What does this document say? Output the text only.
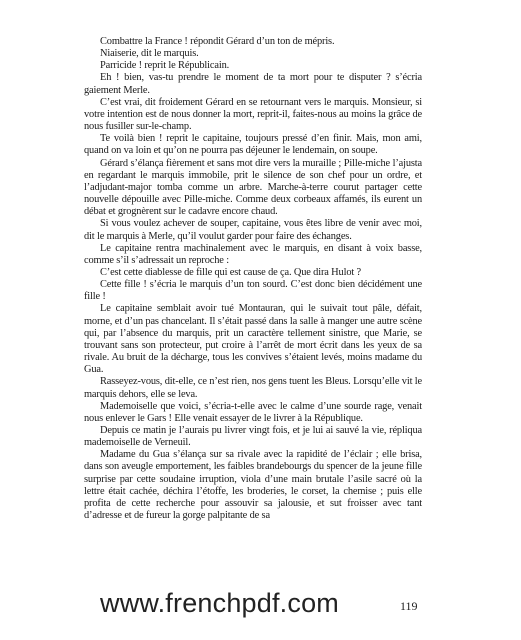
Combattre la France ! répondit Gérard d’un ton de mépris.

Niaiserie, dit le marquis.

Parricide ! reprit le Républicain.

Eh ! bien, vas-tu prendre le moment de ta mort pour te disputer ? s’écria gaiement Merle.

C’est vrai, dit froidement Gérard en se retournant vers le marquis. Monsieur, si votre intention est de nous donner la mort, reprit-il, faites-nous au moins la grâce de nous fusiller sur-le-champ.

Te voilà bien ! reprit le capitaine, toujours pressé d’en finir. Mais, mon ami, quand on va loin et qu’on ne pourra pas déjeuner le lendemain, on soupe.

Gérard s’élança fièrement et sans mot dire vers la muraille ; Pille-miche l’ajusta en regardant le marquis immobile, prit le silence de son chef pour un ordre, et l’adjudant-major tomba comme un arbre. Marche-à-terre courut partager cette nouvelle dépouille avec Pille-miche. Comme deux corbeaux affamés, ils eurent un débat et grognèrent sur le cadavre encore chaud.

Si vous voulez achever de souper, capitaine, vous êtes libre de venir avec moi, dit le marquis à Merle, qu’il voulut garder pour faire des échanges.

Le capitaine rentra machinalement avec le marquis, en disant à voix basse, comme s’il s’adressait un reproche :

C’est cette diablesse de fille qui est cause de ça. Que dira Hulot ?

Cette fille ! s’écria le marquis d’un ton sourd. C’est donc bien décidément une fille !

Le capitaine semblait avoir tué Montauran, qui le suivait tout pâle, défait, morne, et d’un pas chancelant. Il s’était passé dans la salle à manger une autre scène qui, par l’absence du marquis, prit un caractère tellement sinistre, que Marie, se trouvant sans son protecteur, put croire à l’arrêt de mort écrit dans les yeux de sa rivale. Au bruit de la décharge, tous les convives s’étaient levés, moins madame du Gua.

Rasseyez-vous, dit-elle, ce n’est rien, nos gens tuent les Bleus. Lorsqu’elle vit le marquis dehors, elle se leva.

Mademoiselle que voici, s’écria-t-elle avec le calme d’une sourde rage, venait nous enlever le Gars ! Elle venait essayer de le livrer à la République.

Depuis ce matin je l’aurais pu livrer vingt fois, et je lui ai sauvé la vie, répliqua mademoiselle de Verneuil.

Madame du Gua s’élança sur sa rivale avec la rapidité de l’éclair ; elle brisa, dans son aveugle emportement, les faibles brandebourgs du spencer de la jeune fille surprise par cette soudaine irruption, viola d’une main brutale l’asile sacré où la lettre était cachée, déchira l’étoffe, les broderies, le corset, la chemise ; puis elle profita de cette recherche pour assouvir sa jalousie, et sut froisser avec tant d’adresse et de fureur la gorge palpitante de sa

www.frenchpdf.com	119
